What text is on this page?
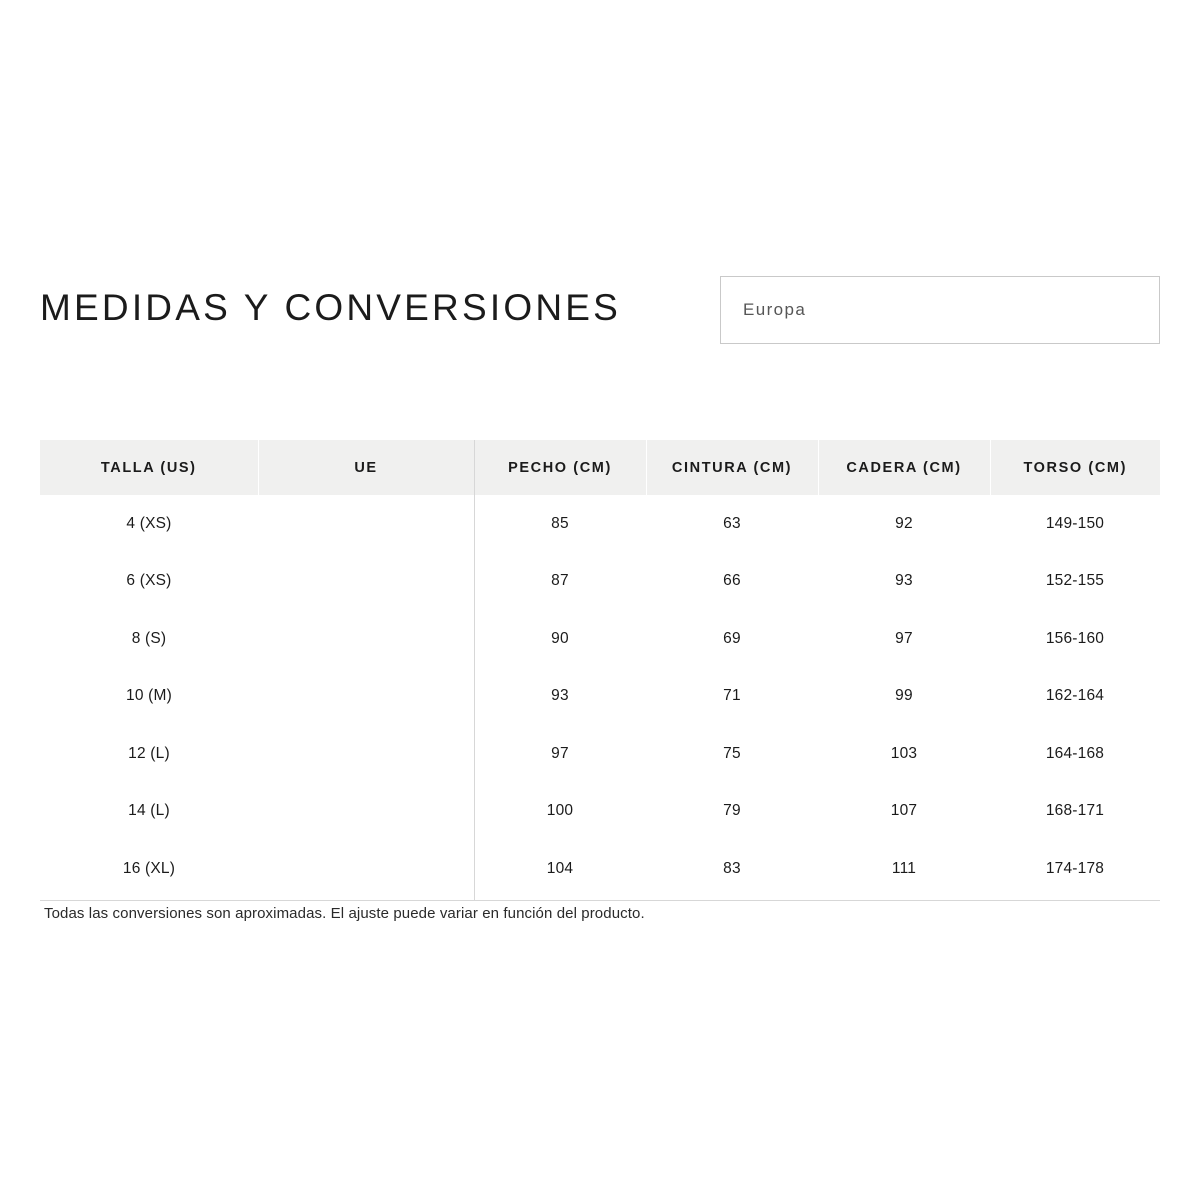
MEDIDAS Y CONVERSIONES	Europa
TALLA (US)	UE	PECHO (CM)	CINTURA (CM)	CADERA (CM)	TORSO (CM)
4 (XS)		85	63	92	149-150
6 (XS)		87	66	93	152-155
8 (S)		90	69	97	156-160
10 (M)		93	71	99	162-164
12 (L)		97	75	103	164-168
14 (L)		100	79	107	168-171
16 (XL)		104	83	111	174-178
Todas las conversiones son aproximadas. El ajuste puede variar en función del producto.
